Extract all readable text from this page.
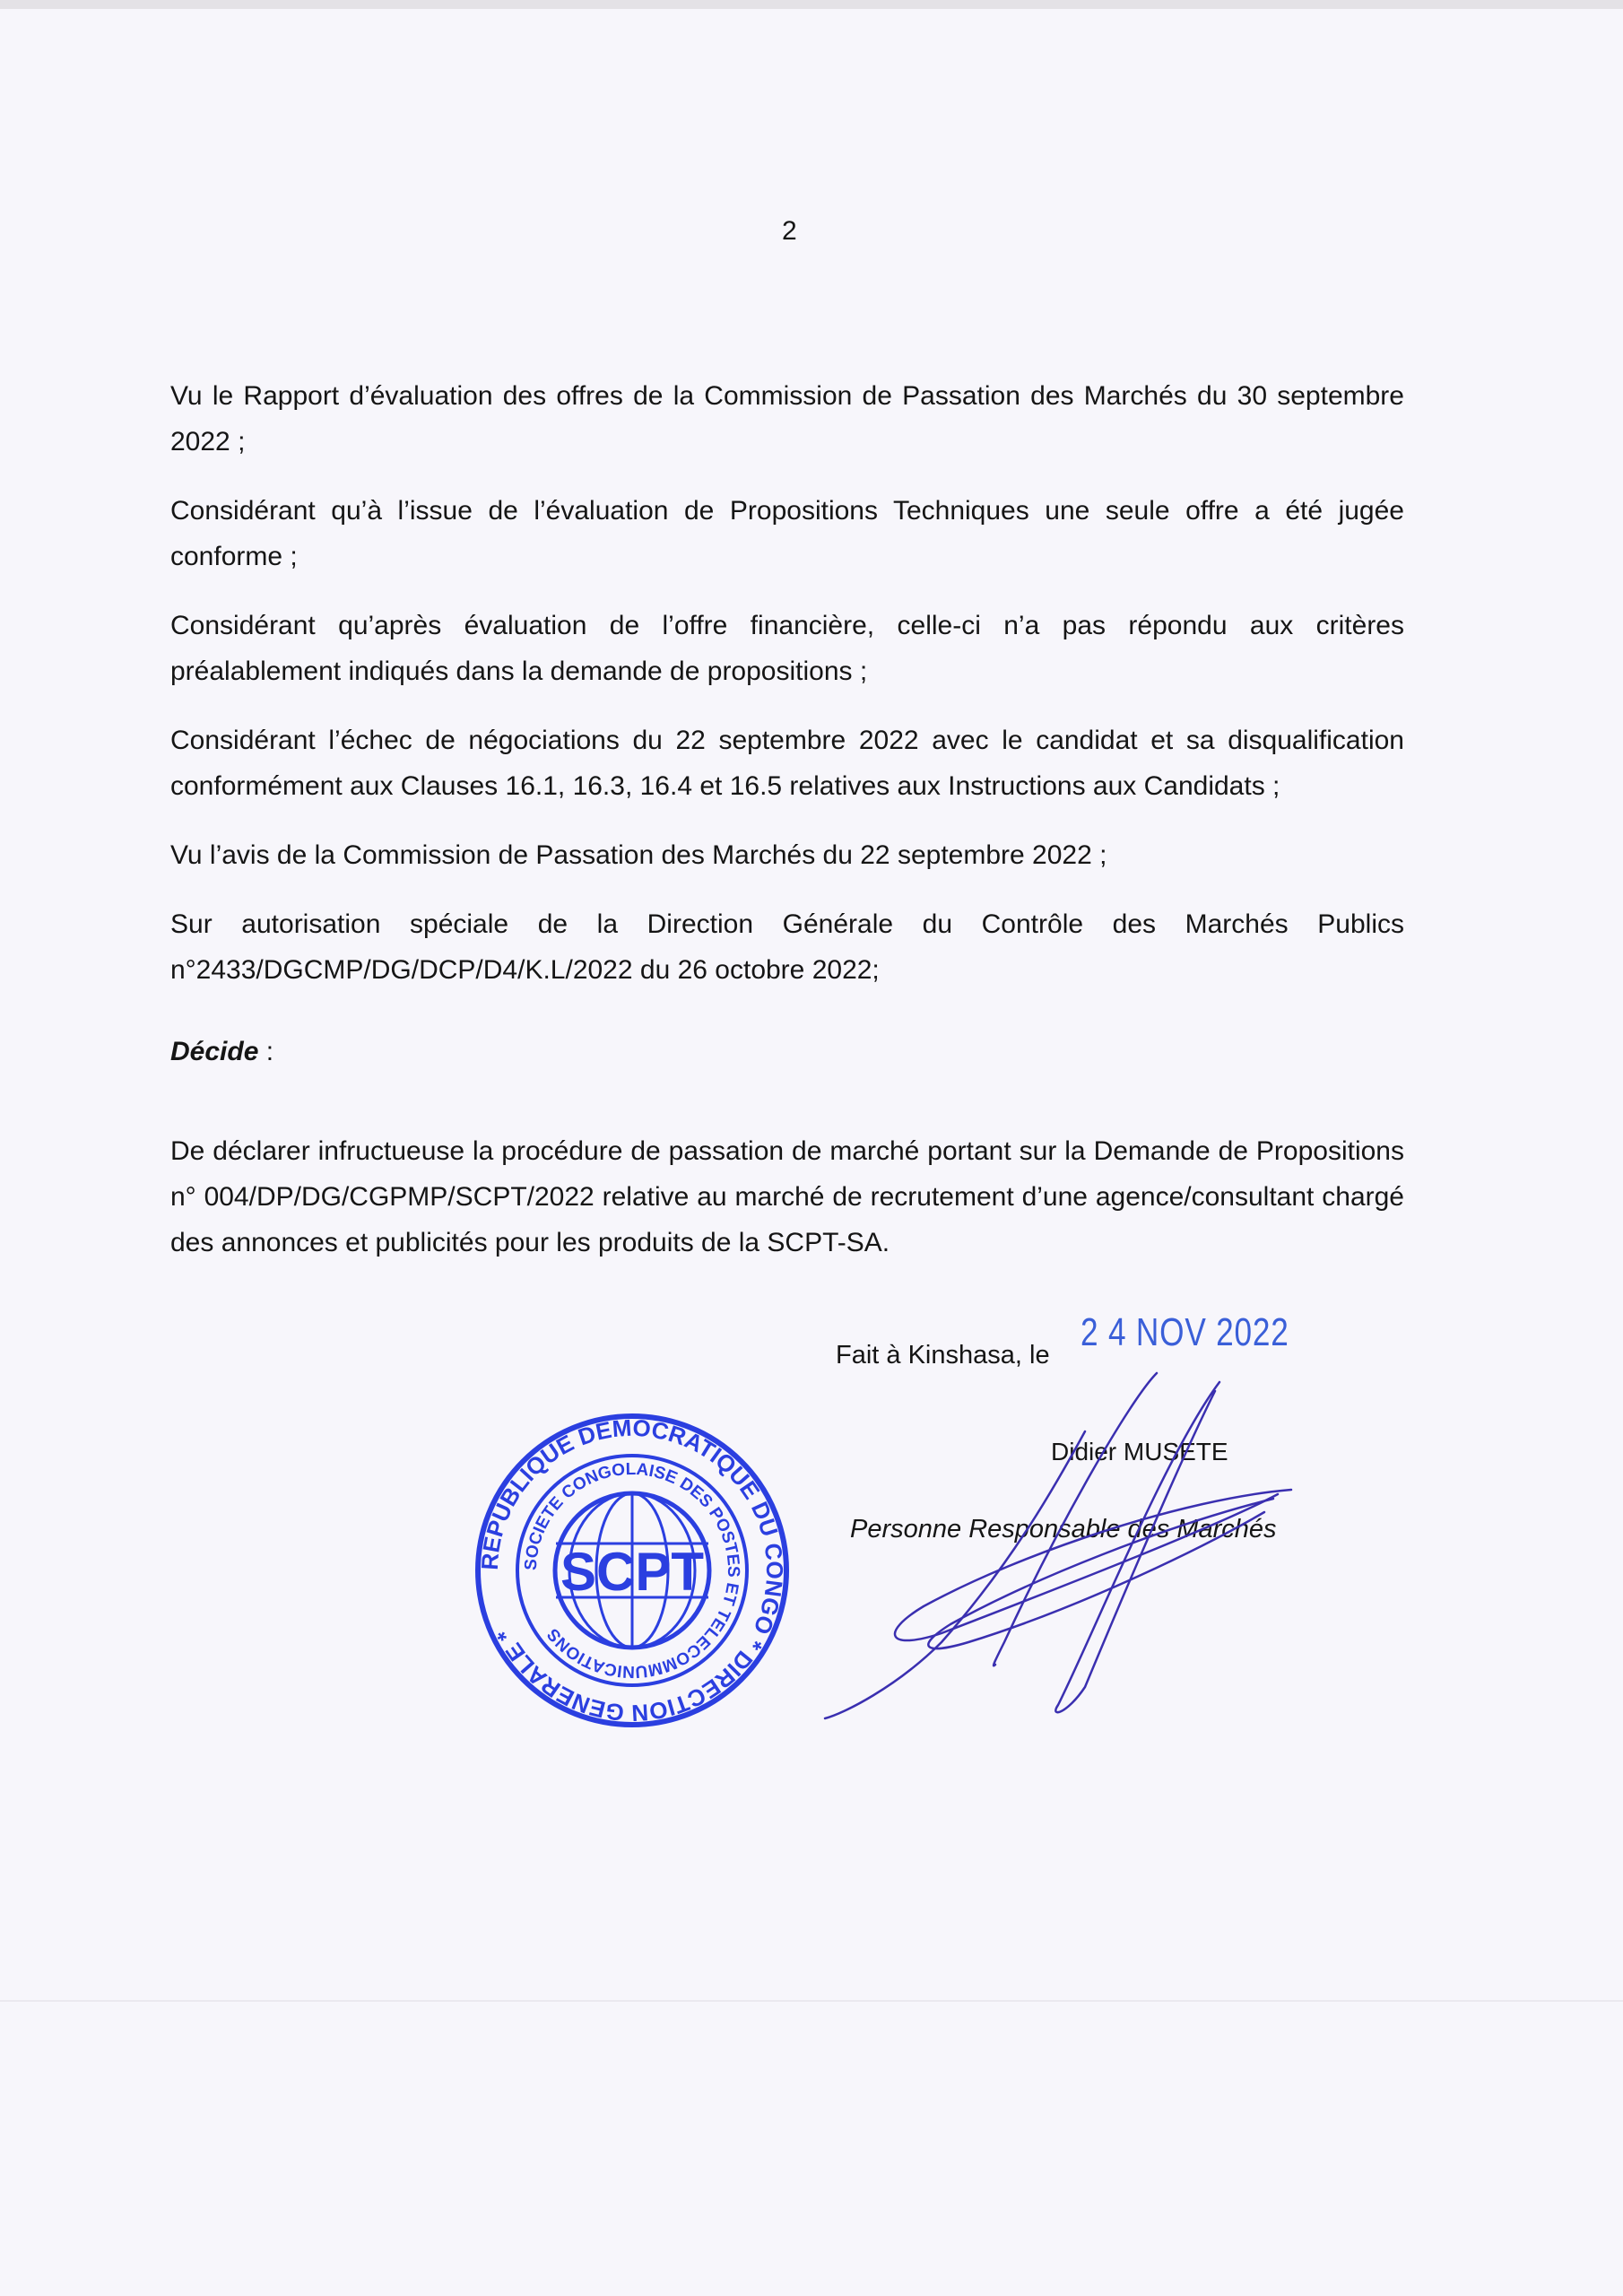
2

Vu le Rapport d’évaluation des offres de la Commission de Passation des Marchés du 30 septembre 2022 ;

Considérant qu’à l’issue de l’évaluation de Propositions Techniques une seule offre a été jugée conforme ;

Considérant qu’après évaluation de l’offre financière, celle-ci n’a pas répondu aux critères préalablement indiqués dans la demande de propositions ;

Considérant l’échec de négociations du 22 septembre 2022 avec le candidat et sa disqualification conformément aux Clauses 16.1, 16.3, 16.4 et 16.5 relatives aux Instructions aux Candidats ;

Vu l’avis de la Commission de Passation des Marchés du 22 septembre 2022 ;

Sur autorisation spéciale de la Direction Générale du Contrôle des Marchés Publics n°2433/DGCMP/DG/DCP/D4/K.L/2022 du 26 octobre 2022;

Décide :

De déclarer infructueuse la procédure de passation de marché portant sur la Demande de Propositions n° 004/DP/DG/CGPMP/SCPT/2022 relative au marché de recrutement d’une agence/consultant chargé des annonces et publicités pour les produits de la SCPT-SA.

REPUBLIQUE DEMOCRATIQUE DU CONGO * DIRECTION GENERALE *
SOCIETE CONGOLAISE DES POSTES ET TELECOMMUNICATIONS
SCPT
Fait à Kinshasa, le
2 4 NOV 2022
Didier MUSETE
Personne Responsable des Marchés
